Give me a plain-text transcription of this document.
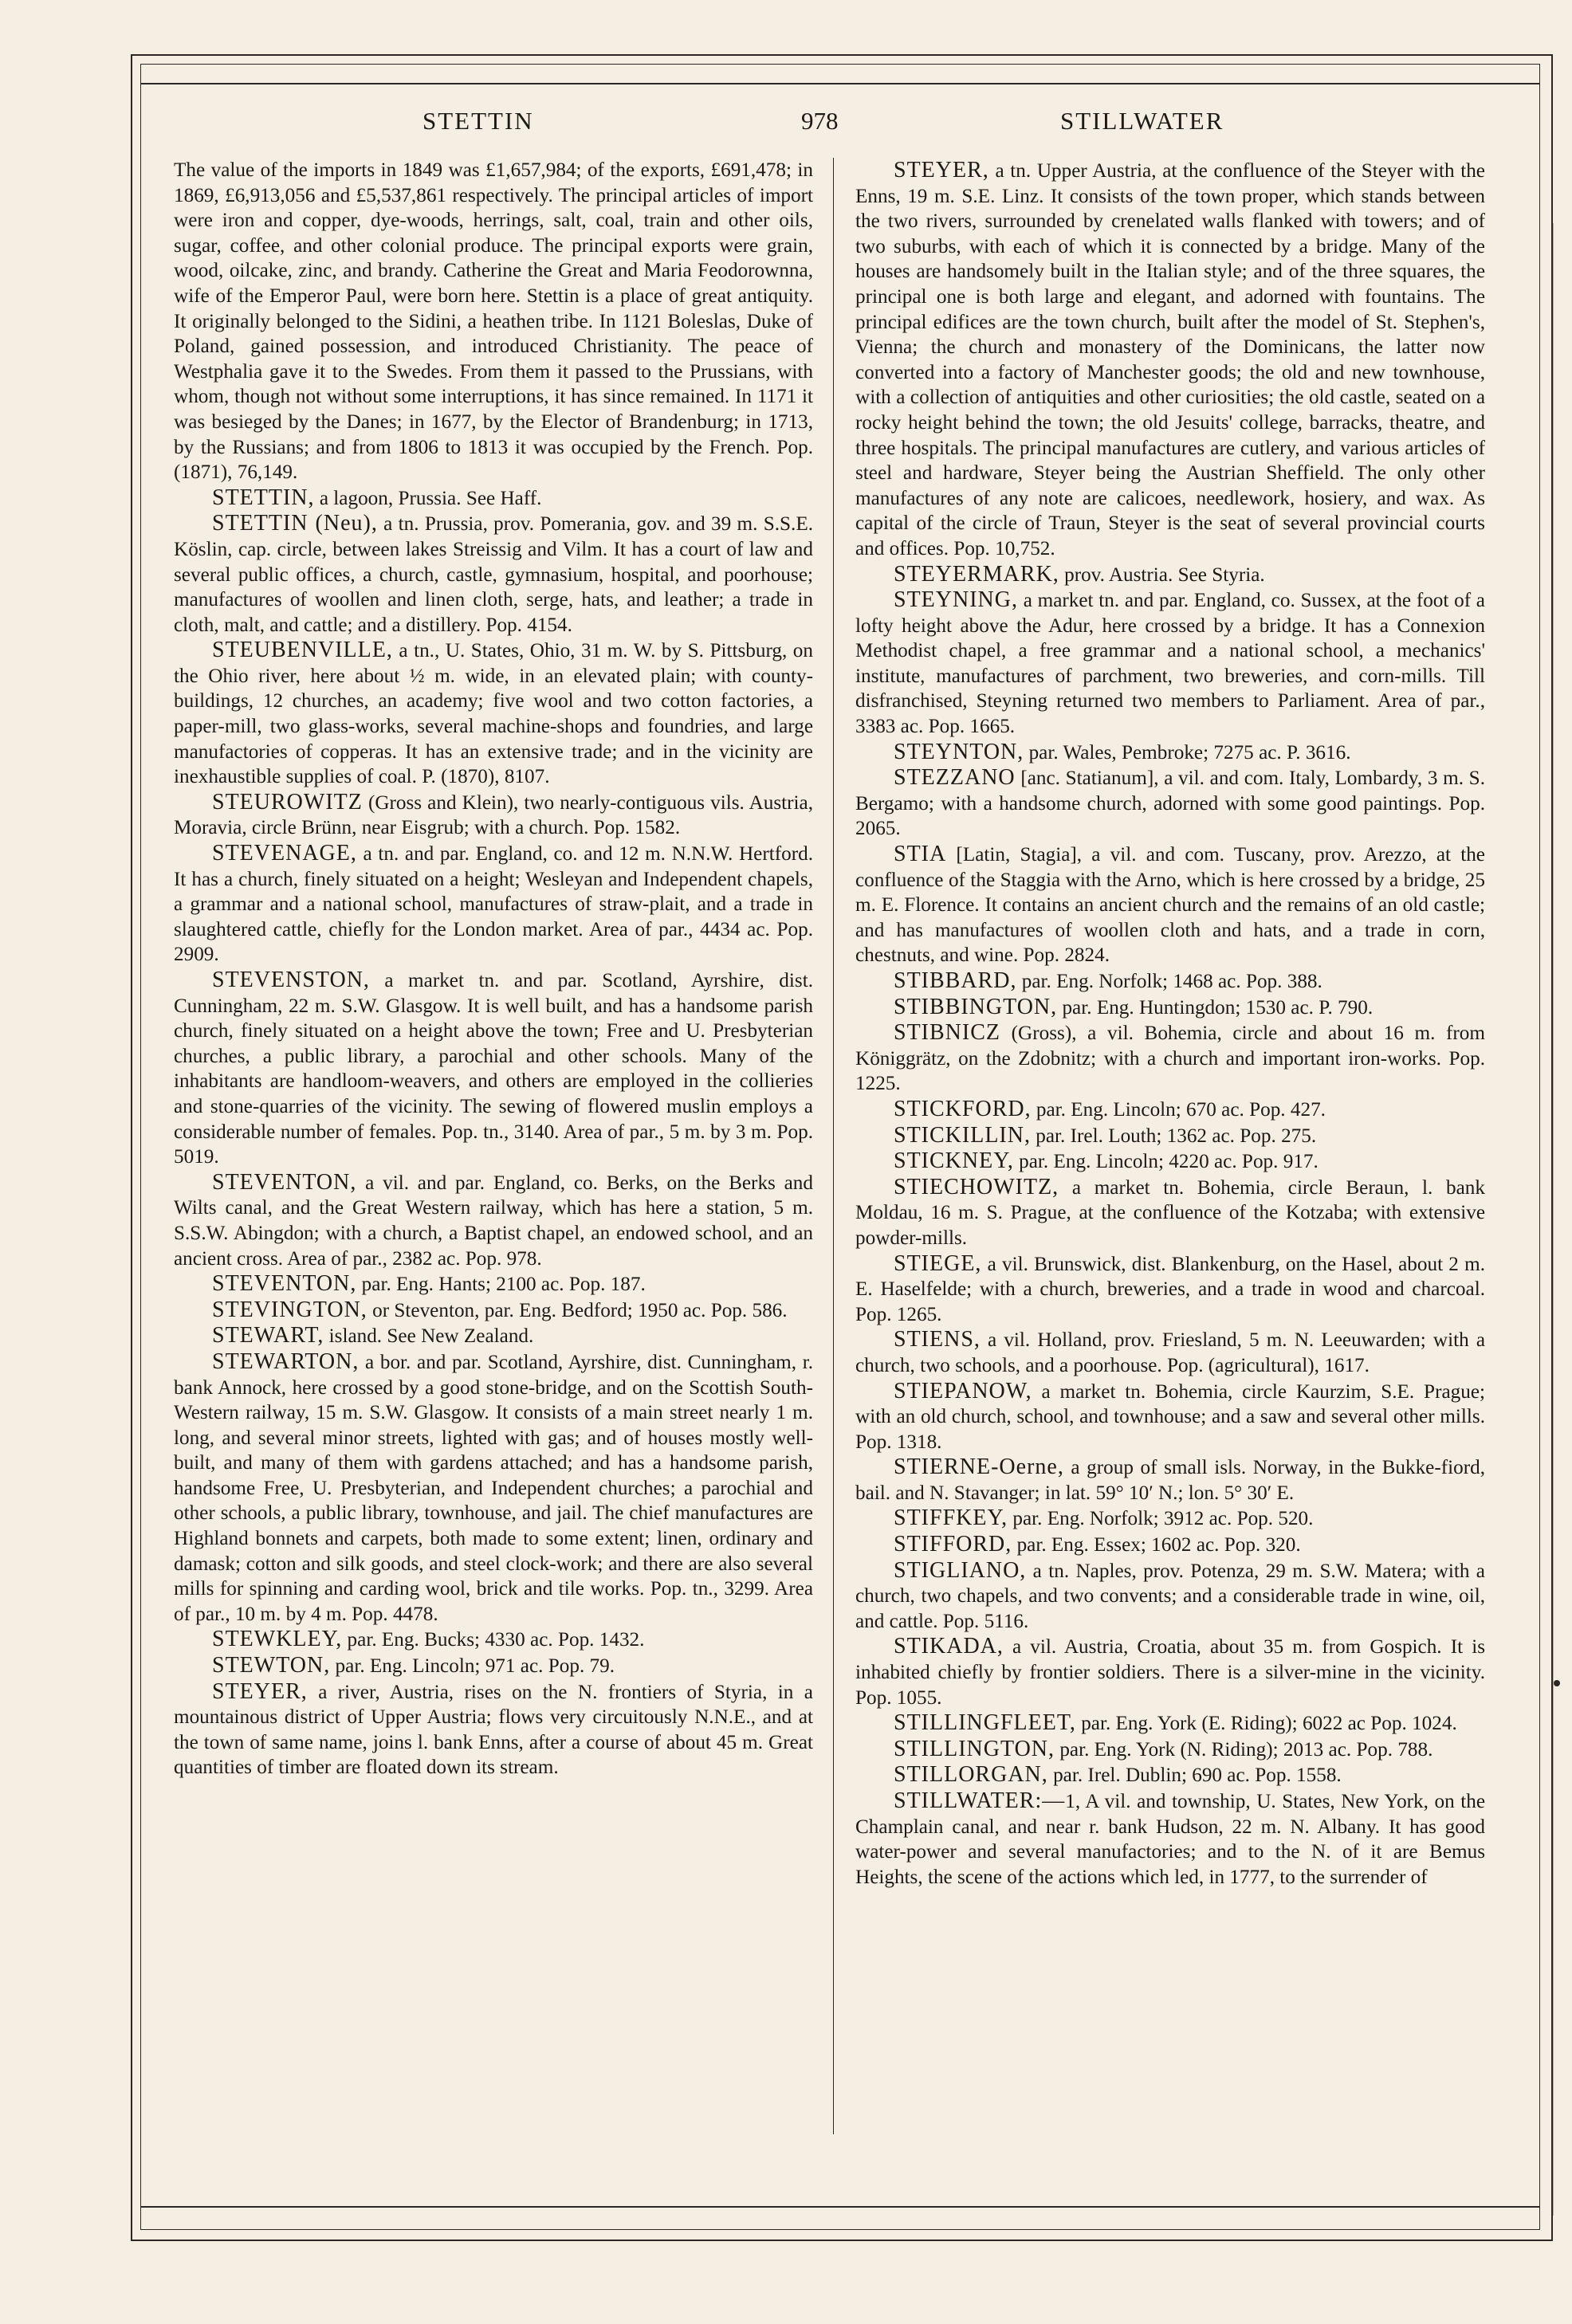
STETTIN	978	STILLWATER

The value of the imports in 1849 was £1,657,984; of the exports, £691,478; in 1869, £6,913,056 and £5,537,861 respectively. The principal articles of import were iron and copper, dye-woods, herrings, salt, coal, train and other oils, sugar, coffee, and other colonial produce. The principal exports were grain, wood, oilcake, zinc, and brandy. Catherine the Great and Maria Feodorownna, wife of the Emperor Paul, were born here. Stettin is a place of great antiquity. It originally belonged to the Sidini, a heathen tribe. In 1121 Boleslas, Duke of Poland, gained possession, and introduced Christianity. The peace of Westphalia gave it to the Swedes. From them it passed to the Prussians, with whom, though not without some interruptions, it has since remained. In 1171 it was besieged by the Danes; in 1677, by the Elector of Brandenburg; in 1713, by the Russians; and from 1806 to 1813 it was occupied by the French. Pop. (1871), 76,149.

STETTIN, a lagoon, Prussia. See Haff.

STETTIN (Neu), a tn. Prussia, prov. Pomerania, gov. and 39 m. S.S.E. Köslin, cap. circle, between lakes Streissig and Vilm. It has a court of law and several public offices, a church, castle, gymnasium, hospital, and poorhouse; manufactures of woollen and linen cloth, serge, hats, and leather; a trade in cloth, malt, and cattle; and a distillery. Pop. 4154.

STEUBENVILLE, a tn., U. States, Ohio, 31 m. W. by S. Pittsburg, on the Ohio river, here about ½ m. wide, in an elevated plain; with county-buildings, 12 churches, an academy; five wool and two cotton factories, a paper-mill, two glass-works, several machine-shops and foundries, and large manufactories of copperas. It has an extensive trade; and in the vicinity are inexhaustible supplies of coal. P. (1870), 8107.

STEUROWITZ (Gross and Klein), two nearly-contiguous vils. Austria, Moravia, circle Brünn, near Eisgrub; with a church. Pop. 1582.

STEVENAGE, a tn. and par. England, co. and 12 m. N.N.W. Hertford. It has a church, finely situated on a height; Wesleyan and Independent chapels, a grammar and a national school, manufactures of straw-plait, and a trade in slaughtered cattle, chiefly for the London market. Area of par., 4434 ac. Pop. 2909.

STEVENSTON, a market tn. and par. Scotland, Ayrshire, dist. Cunningham, 22 m. S.W. Glasgow. It is well built, and has a handsome parish church, finely situated on a height above the town; Free and U. Presbyterian churches, a public library, a parochial and other schools. Many of the inhabitants are handloom-weavers, and others are employed in the collieries and stone-quarries of the vicinity. The sewing of flowered muslin employs a considerable number of females. Pop. tn., 3140. Area of par., 5 m. by 3 m. Pop. 5019.

STEVENTON, a vil. and par. England, co. Berks, on the Berks and Wilts canal, and the Great Western railway, which has here a station, 5 m. S.S.W. Abingdon; with a church, a Baptist chapel, an endowed school, and an ancient cross. Area of par., 2382 ac. Pop. 978.

STEVENTON, par. Eng. Hants; 2100 ac. Pop. 187.

STEVINGTON, or Steventon, par. Eng. Bedford; 1950 ac. Pop. 586.

STEWART, island. See New Zealand.

STEWARTON, a bor. and par. Scotland, Ayrshire, dist. Cunningham, r. bank Annock, here crossed by a good stone-bridge, and on the Scottish South-Western railway, 15 m. S.W. Glasgow. It consists of a main street nearly 1 m. long, and several minor streets, lighted with gas; and of houses mostly well-built, and many of them with gardens attached; and has a handsome parish, handsome Free, U. Presbyterian, and Independent churches; a parochial and other schools, a public library, townhouse, and jail. The chief manufactures are Highland bonnets and carpets, both made to some extent; linen, ordinary and damask; cotton and silk goods, and steel clock-work; and there are also several mills for spinning and carding wool, brick and tile works. Pop. tn., 3299. Area of par., 10 m. by 4 m. Pop. 4478.

STEWKLEY, par. Eng. Bucks; 4330 ac. Pop. 1432.

STEWTON, par. Eng. Lincoln; 971 ac. Pop. 79.

STEYER, a river, Austria, rises on the N. frontiers of Styria, in a mountainous district of Upper Austria; flows very circuitously N.N.E., and at the town of same name, joins l. bank Enns, after a course of about 45 m. Great quantities of timber are floated down its stream.

STEYER, a tn. Upper Austria, at the confluence of the Steyer with the Enns, 19 m. S.E. Linz. It consists of the town proper, which stands between the two rivers, surrounded by crenelated walls flanked with towers; and of two suburbs, with each of which it is connected by a bridge. Many of the houses are handsomely built in the Italian style; and of the three squares, the principal one is both large and elegant, and adorned with fountains. The principal edifices are the town church, built after the model of St. Stephen's, Vienna; the church and monastery of the Dominicans, the latter now converted into a factory of Manchester goods; the old and new townhouse, with a collection of antiquities and other curiosities; the old castle, seated on a rocky height behind the town; the old Jesuits' college, barracks, theatre, and three hospitals. The principal manufactures are cutlery, and various articles of steel and hardware, Steyer being the Austrian Sheffield. The only other manufactures of any note are calicoes, needlework, hosiery, and wax. As capital of the circle of Traun, Steyer is the seat of several provincial courts and offices. Pop. 10,752.

STEYERMARK, prov. Austria. See Styria.

STEYNING, a market tn. and par. England, co. Sussex, at the foot of a lofty height above the Adur, here crossed by a bridge. It has a Connexion Methodist chapel, a free grammar and a national school, a mechanics' institute, manufactures of parchment, two breweries, and corn-mills. Till disfranchised, Steyning returned two members to Parliament. Area of par., 3383 ac. Pop. 1665.

STEYNTON, par. Wales, Pembroke; 7275 ac. P. 3616.

STEZZANO [anc. Statianum], a vil. and com. Italy, Lombardy, 3 m. S. Bergamo; with a handsome church, adorned with some good paintings. Pop. 2065.

STIA [Latin, Stagia], a vil. and com. Tuscany, prov. Arezzo, at the confluence of the Staggia with the Arno, which is here crossed by a bridge, 25 m. E. Florence. It contains an ancient church and the remains of an old castle; and has manufactures of woollen cloth and hats, and a trade in corn, chestnuts, and wine. Pop. 2824.

STIBBARD, par. Eng. Norfolk; 1468 ac. Pop. 388.

STIBBINGTON, par. Eng. Huntingdon; 1530 ac. P. 790.

STIBNICZ (Gross), a vil. Bohemia, circle and about 16 m. from Königgrätz, on the Zdobnitz; with a church and important iron-works. Pop. 1225.

STICKFORD, par. Eng. Lincoln; 670 ac. Pop. 427.

STICKILLIN, par. Irel. Louth; 1362 ac. Pop. 275.

STICKNEY, par. Eng. Lincoln; 4220 ac. Pop. 917.

STIECHOWITZ, a market tn. Bohemia, circle Beraun, l. bank Moldau, 16 m. S. Prague, at the confluence of the Kotzaba; with extensive powder-mills.

STIEGE, a vil. Brunswick, dist. Blankenburg, on the Hasel, about 2 m. E. Haselfelde; with a church, breweries, and a trade in wood and charcoal. Pop. 1265.

STIENS, a vil. Holland, prov. Friesland, 5 m. N. Leeuwarden; with a church, two schools, and a poorhouse. Pop. (agricultural), 1617.

STIEPANOW, a market tn. Bohemia, circle Kaurzim, S.E. Prague; with an old church, school, and townhouse; and a saw and several other mills. Pop. 1318.

STIERNE-Oerne, a group of small isls. Norway, in the Bukke-fiord, bail. and N. Stavanger; in lat. 59° 10′ N.; lon. 5° 30′ E.

STIFFKEY, par. Eng. Norfolk; 3912 ac. Pop. 520.

STIFFORD, par. Eng. Essex; 1602 ac. Pop. 320.

STIGLIANO, a tn. Naples, prov. Potenza, 29 m. S.W. Matera; with a church, two chapels, and two convents; and a considerable trade in wine, oil, and cattle. Pop. 5116.

STIKADA, a vil. Austria, Croatia, about 35 m. from Gospich. It is inhabited chiefly by frontier soldiers. There is a silver-mine in the vicinity. Pop. 1055.

STILLINGFLEET, par. Eng. York (E. Riding); 6022 ac Pop. 1024.

STILLINGTON, par. Eng. York (N. Riding); 2013 ac. Pop. 788.

STILLORGAN, par. Irel. Dublin; 690 ac. Pop. 1558.

STILLWATER:—1, A vil. and township, U. States, New York, on the Champlain canal, and near r. bank Hudson, 22 m. N. Albany. It has good water-power and several manufactories; and to the N. of it are Bemus Heights, the scene of the actions which led, in 1777, to the surrender of
